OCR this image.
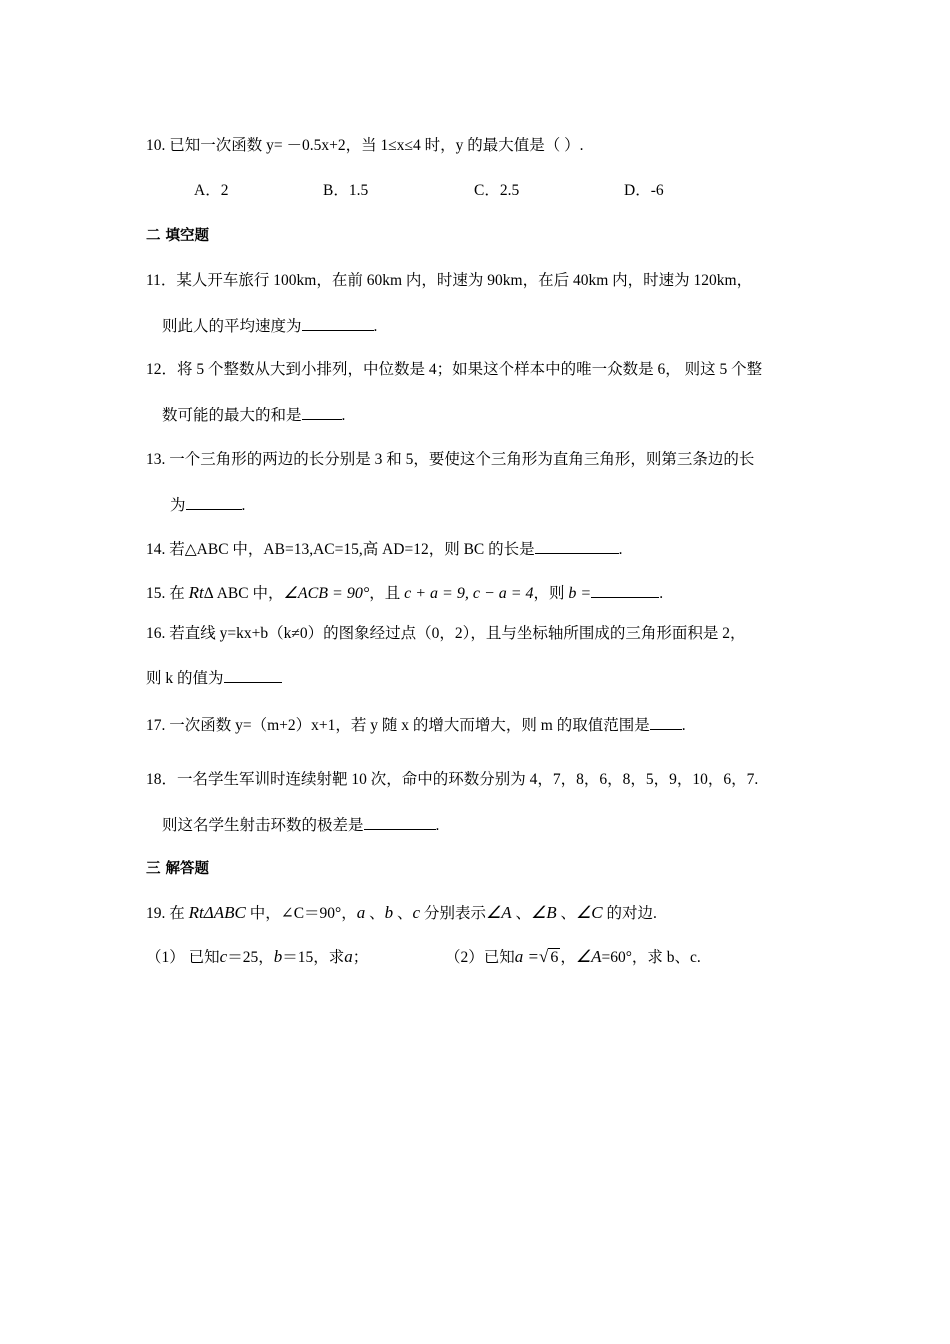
10. 已知一次函数 y= －0.5x+2，当 1≤x≤4 时，y 的最大值是（ ）.
A．2	B．1.5	C．2.5	D．-6
二 填空题
11．某人开车旅行 100km，在前 60km 内，时速为 90km，在后 40km 内，时速为 120km，
则此人的平均速度为	.
12．将 5 个整数从大到小排列，中位数是 4；如果这个样本中的唯一众数是 6， 则这 5 个整
数可能的最大的和是	.
13. 一个三角形的两边的长分别是 3 和 5，要使这个三角形为直角三角形，则第三条边的长
为	.
14. 若△ABC 中，AB=13,AC=15,高 AD=12，则 BC 的长是	.
15. 在 RtΔ ABC 中，∠ACB = 90°，且 c + a = 9, c − a = 4，则 b =	.
16. 若直线 y=kx+b（k≠0）的图象经过点（0，2），且与坐标轴所围成的三角形面积是 2，
则 k 的值为
17. 一次函数 y=（m+2）x+1，若 y 随 x 的增大而增大，则 m 的取值范围是 .
18．一名学生军训时连续射靶 10 次，命中的环数分别为 4，7，8，6，8，5，9，10，6，7.
则这名学生射击环数的极差是	.
三 解答题
19. 在 RtΔABC 中，∠C＝90°，a 、b 、c 分别表示∠A 、∠B 、∠C 的对边.
（1） 已知c＝25，b＝15，求a；	（2）已知a =√ 6 ，∠A=60°，求 b、c.
